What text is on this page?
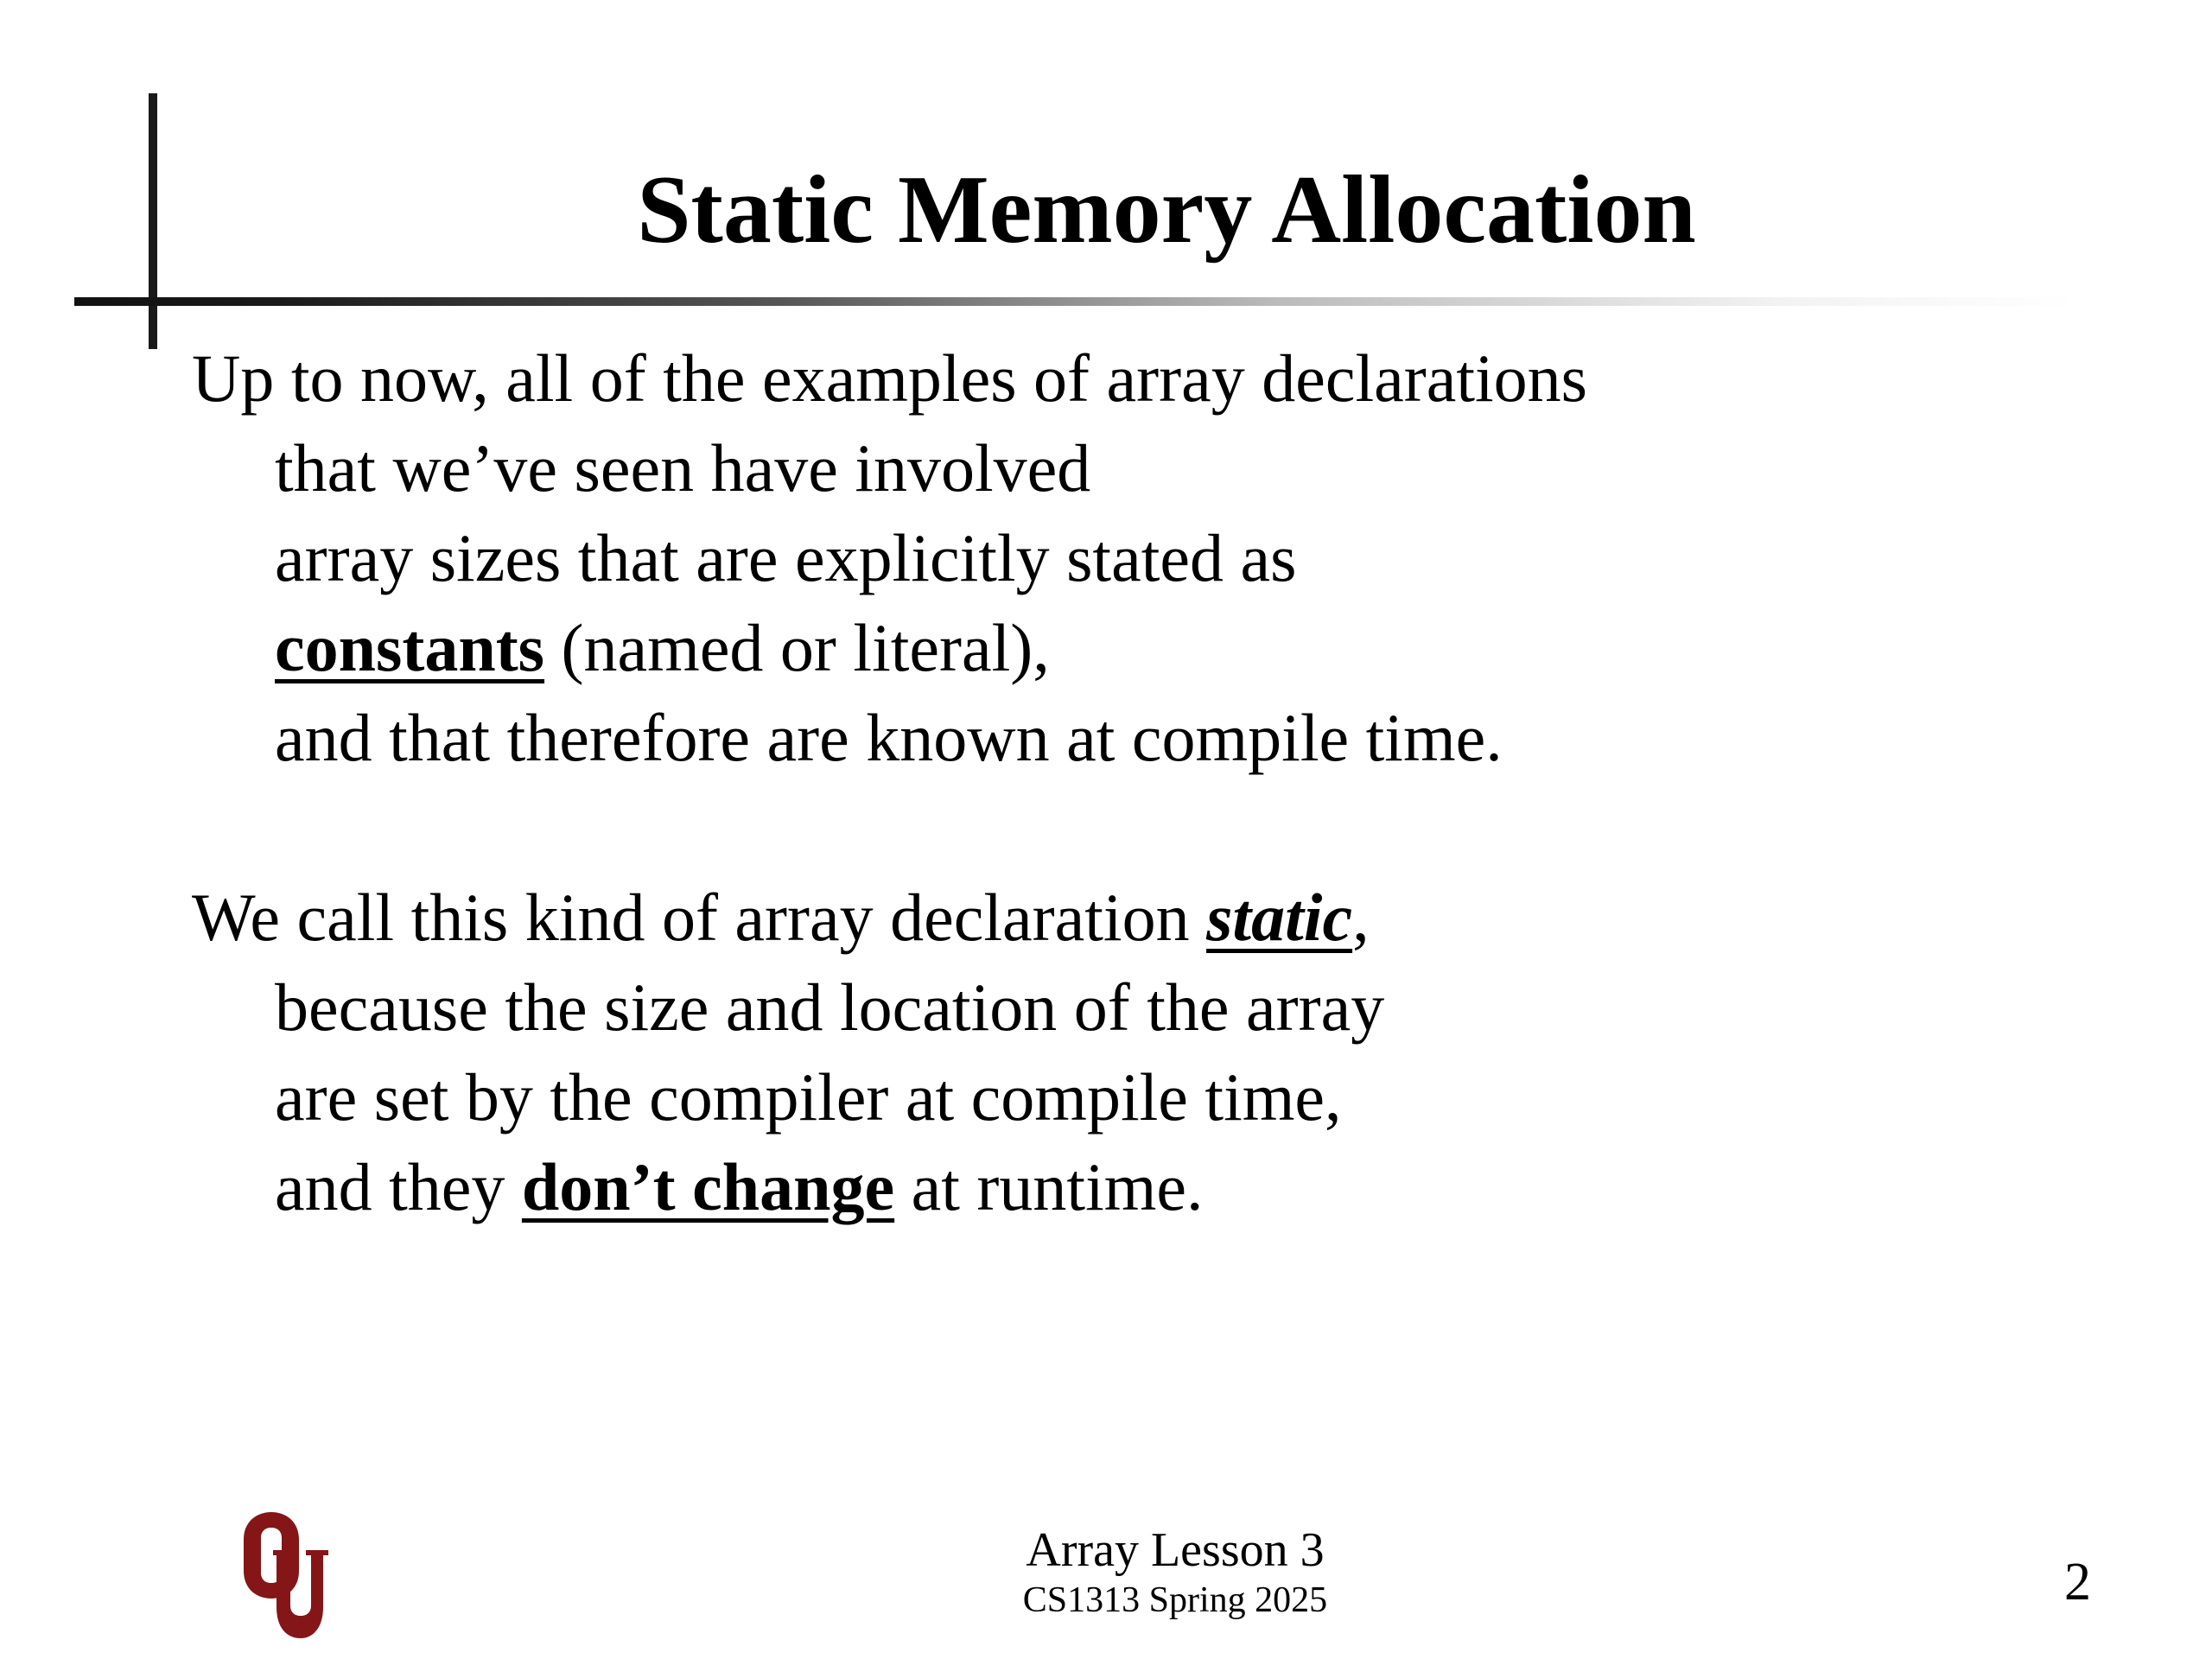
Static Memory Allocation

Up to now, all of the examples of array declarations
that we’ve seen have involved
array sizes that are explicitly stated as
constants (named or literal),
and that therefore are known at compile time.

We call this kind of array declaration static,
because the size and location of the array
are set by the compiler at compile time,
and they don’t change at runtime.

Array Lesson 3
CS1313 Spring 2025	2
